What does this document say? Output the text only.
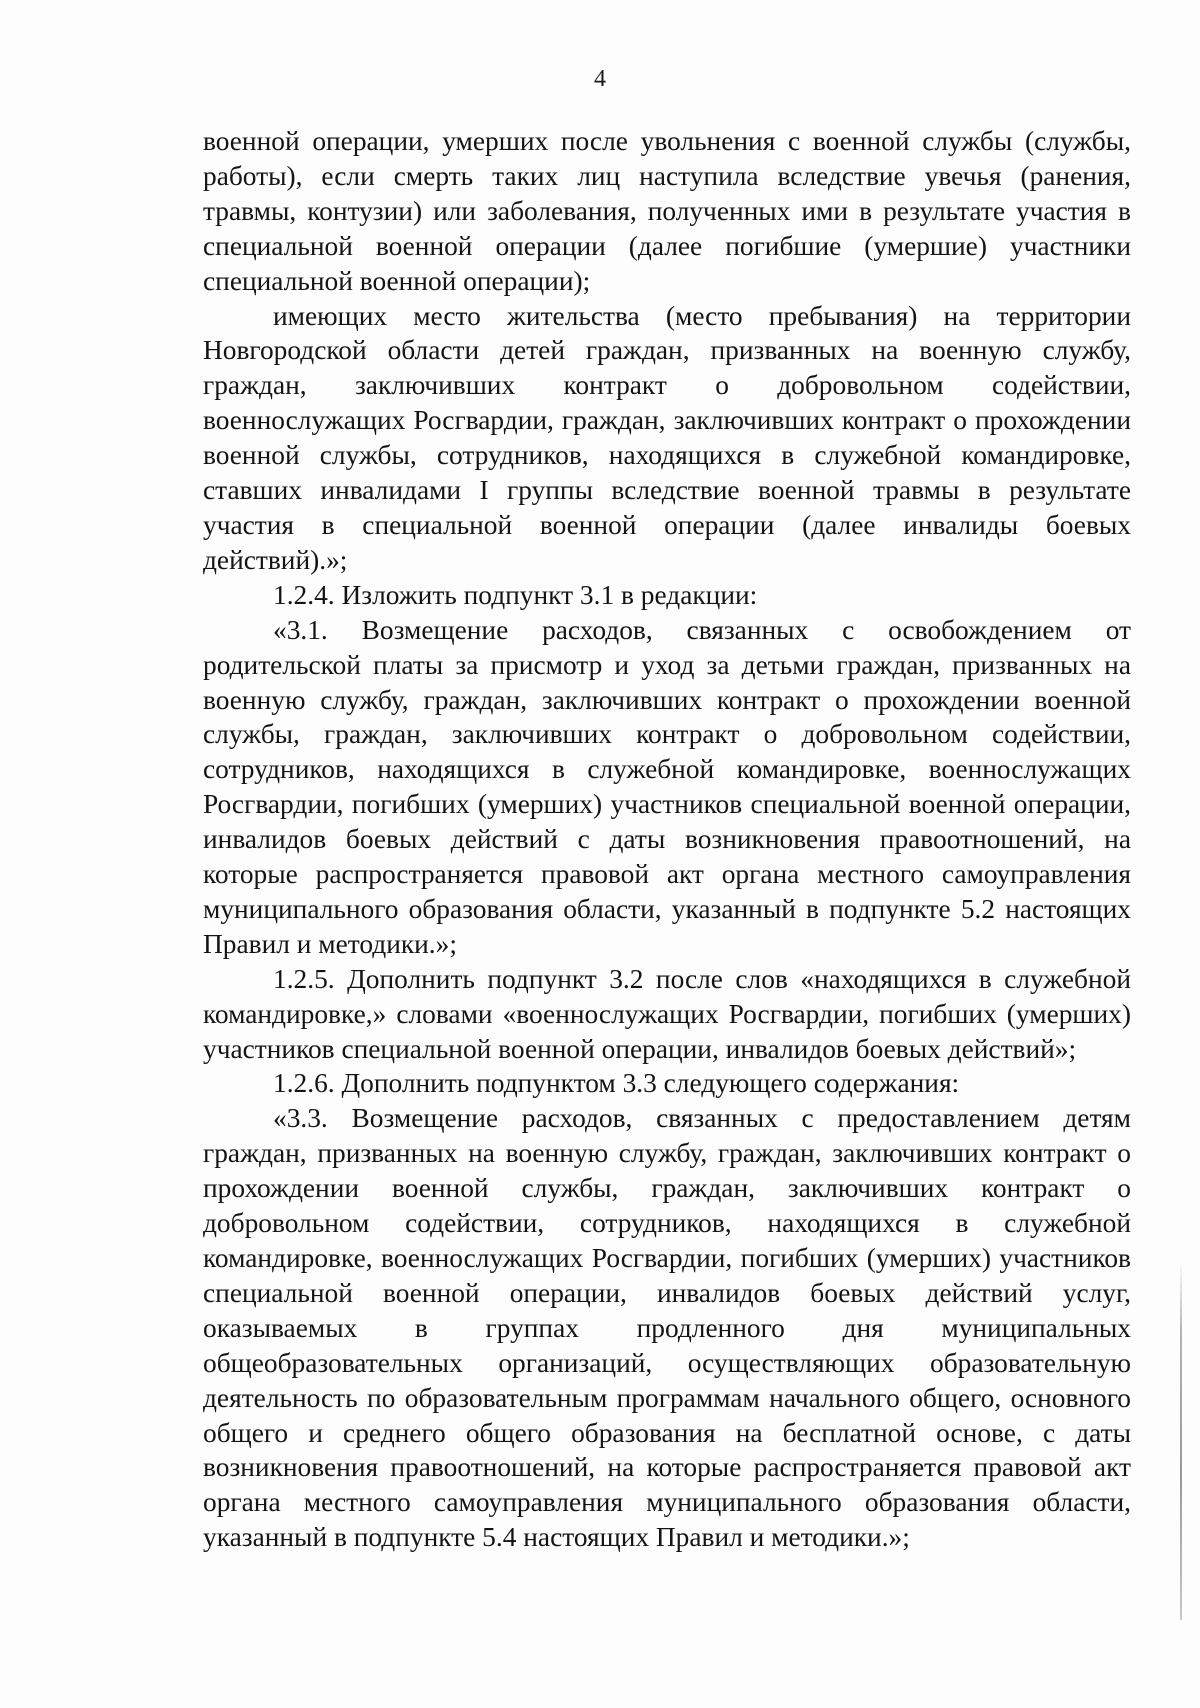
4

военной операции, умерших после увольнения с военной службы (службы, работы), если смерть таких лиц наступила вследствие увечья (ранения, травмы, контузии) или заболевания, полученных ими в результате участия в специальной военной операции (далее погибшие (умершие) участники специальной военной операции);

имеющих место жительства (место пребывания) на территории Новгородской области детей граждан, призванных на военную службу, граждан, заключивших контракт о добровольном содействии, военнослужащих Росгвардии, граждан, заключивших контракт о прохождении военной службы, сотрудников, находящихся в служебной командировке, ставших инвалидами I группы вследствие военной травмы в результате участия в специальной военной операции (далее инвалиды боевых действий).»;

1.2.4. Изложить подпункт 3.1 в редакции:

«3.1. Возмещение расходов, связанных с освобождением от родительской платы за присмотр и уход за детьми граждан, призванных на военную службу, граждан, заключивших контракт о прохождении военной службы, граждан, заключивших контракт о добровольном содействии, сотрудников, находящихся в служебной командировке, военнослужащих Росгвардии, погибших (умерших) участников специальной военной операции, инвалидов боевых действий с даты возникновения правоотношений, на которые распространяется правовой акт органа местного самоуправления муниципального образования области, указанный в подпункте 5.2 настоящих Правил и методики.»;

1.2.5. Дополнить подпункт 3.2 после слов «находящихся в служебной командировке,» словами «военнослужащих Росгвардии, погибших (умерших) участников специальной военной операции, инвалидов боевых действий»;

1.2.6. Дополнить подпунктом 3.3 следующего содержания:

«3.3. Возмещение расходов, связанных с предоставлением детям граждан, призванных на военную службу, граждан, заключивших контракт о прохождении военной службы, граждан, заключивших контракт о добровольном содействии, сотрудников, находящихся в служебной командировке, военнослужащих Росгвардии, погибших (умерших) участников специальной военной операции, инвалидов боевых действий услуг, оказываемых в группах продленного дня муниципальных общеобразовательных организаций, осуществляющих образовательную деятельность по образовательным программам начального общего, основного общего и среднего общего образования на бесплатной основе, с даты возникновения правоотношений, на которые распространяется правовой акт органа местного самоуправления муниципального образования области, указанный в подпункте 5.4 настоящих Правил и методики.»;
